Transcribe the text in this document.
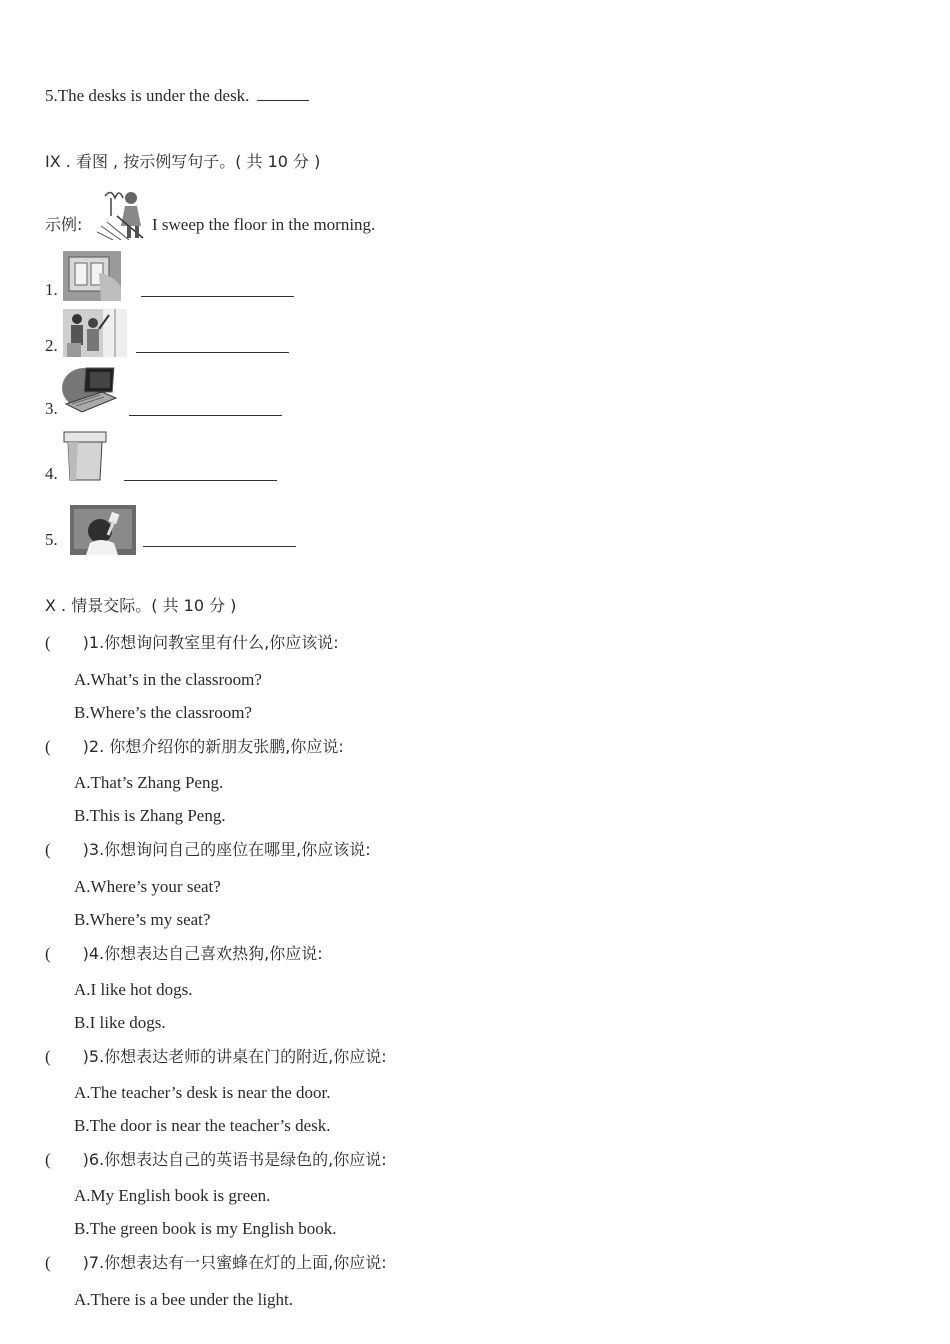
5.The desks is under the desk.
IX . 看图 , 按示例写句子。( 共 10 分 )
示例:	I sweep the floor in the morning.
1.
2.
3.
4.
5.
X . 情景交际。( 共 10 分 )
( )1.你想询问教室里有什么,你应该说:
A.What’s in the classroom?
B.Where’s the classroom?
( )2. 你想介绍你的新朋友张鹏,你应说:
A.That’s Zhang Peng.
B.This is Zhang Peng.
( )3.你想询问自己的座位在哪里,你应该说:
A.Where’s your seat?
B.Where’s my seat?
( )4.你想表达自己喜欢热狗,你应说:
A.I like hot dogs.
B.I like dogs.
( )5.你想表达老师的讲桌在门的附近,你应说:
A.The teacher’s desk is near the door.
B.The door is near the teacher’s desk.
( )6.你想表达自己的英语书是绿色的,你应说:
A.My English book is green.
B.The green book is my English book.
( )7.你想表达有一只蜜蜂在灯的上面,你应说:
A.There is a bee under the light.
